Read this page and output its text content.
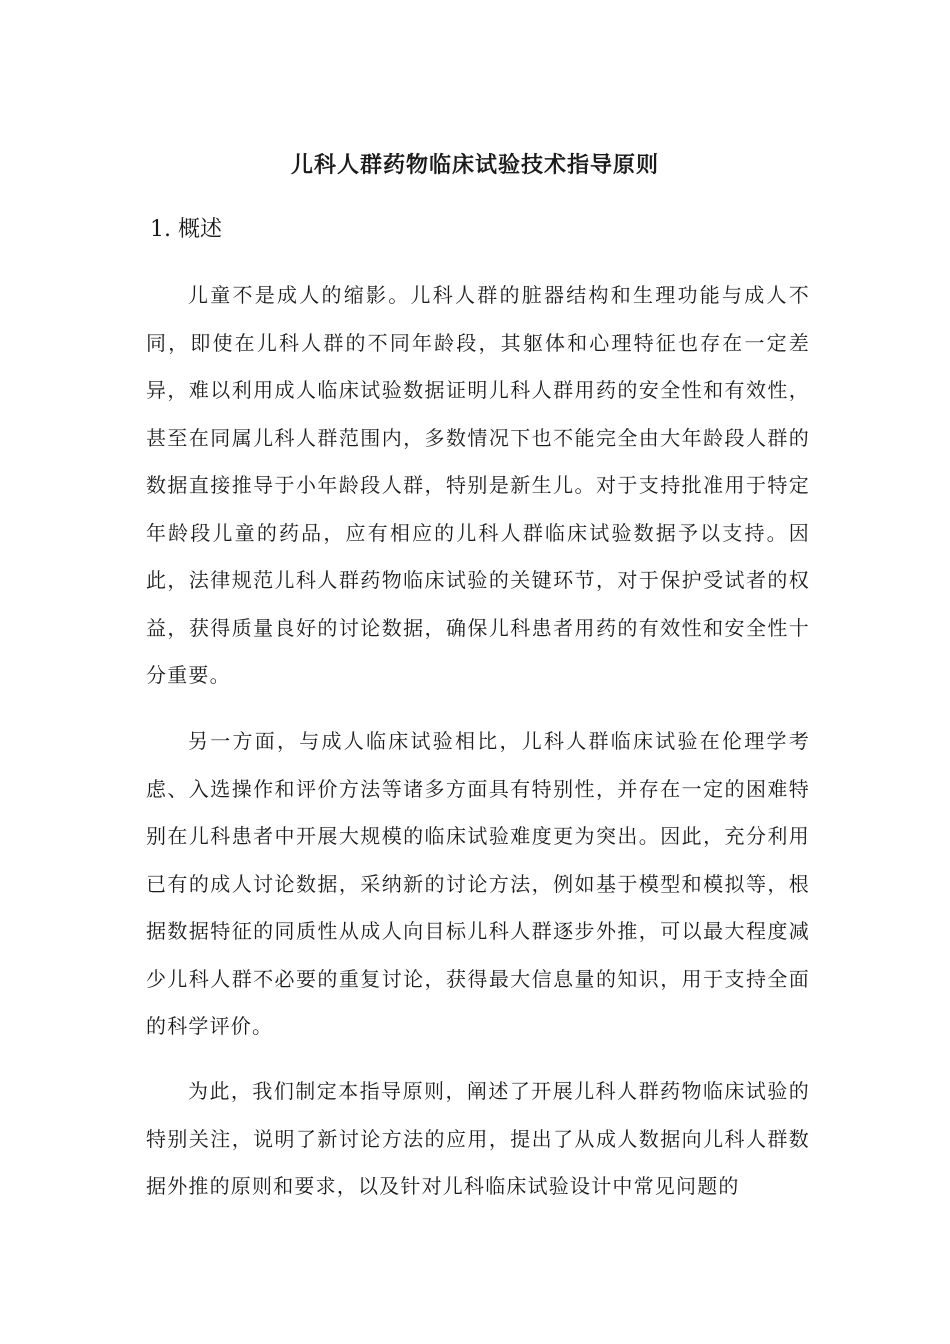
儿科人群药物临床试验技术指导原则
1. 概述

儿童不是成人的缩影。儿科人群的脏器结构和生理功能与成人不同，即使在儿科人群的不同年龄段，其躯体和心理特征也存在一定差异，难以利用成人临床试验数据证明儿科人群用药的安全性和有效性，甚至在同属儿科人群范围内，多数情况下也不能完全由大年龄段人群的数据直接推导于小年龄段人群，特别是新生儿。对于支持批准用于特定年龄段儿童的药品，应有相应的儿科人群临床试验数据予以支持。因此，法律规范儿科人群药物临床试验的关键环节，对于保护受试者的权益，获得质量良好的讨论数据，确保儿科患者用药的有效性和安全性十分重要。

另一方面，与成人临床试验相比，儿科人群临床试验在伦理学考虑、入选操作和评价方法等诸多方面具有特别性，并存在一定的困难特别在儿科患者中开展大规模的临床试验难度更为突出。因此，充分利用已有的成人讨论数据，采纳新的讨论方法，例如基于模型和模拟等，根据数据特征的同质性从成人向目标儿科人群逐步外推，可以最大程度减少儿科人群不必要的重复讨论，获得最大信息量的知识，用于支持全面的科学评价。

为此，我们制定本指导原则，阐述了开展儿科人群药物临床试验的特别关注，说明了新讨论方法的应用，提出了从成人数据向儿科人群数据外推的原则和要求，以及针对儿科临床试验设计中常见问题的
